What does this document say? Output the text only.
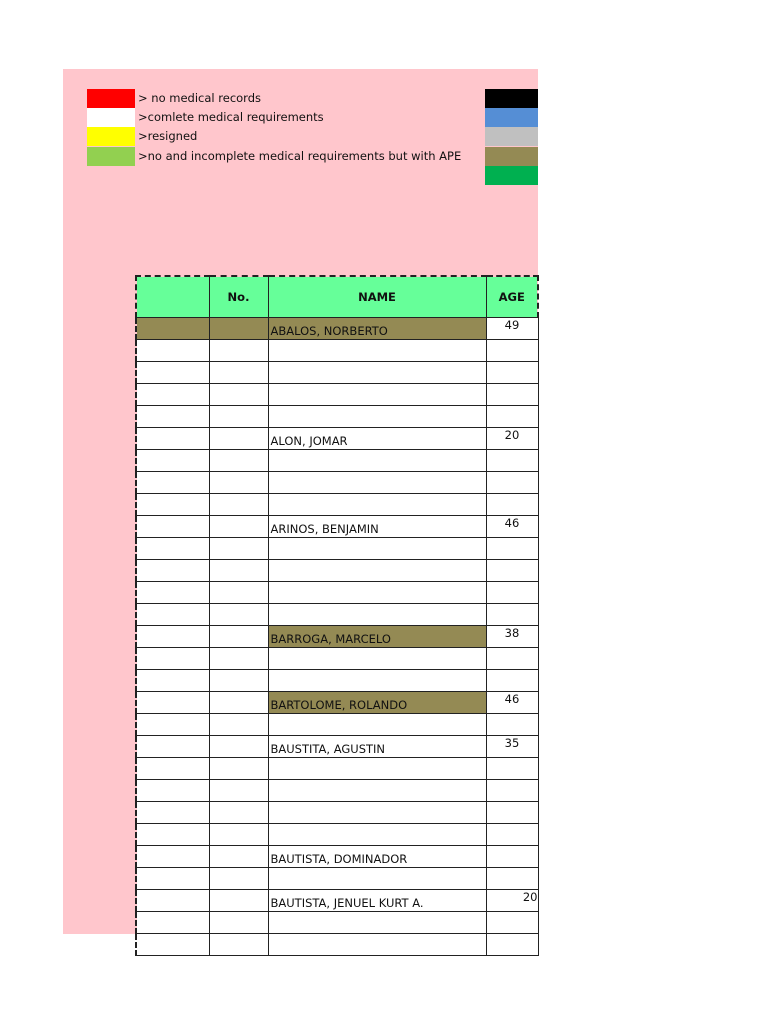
> no medical records
>comlete medical requirements
>resigned
>no and incomplete medical requirements but with APE
	No.	NAME	AGE
		ABALOS, NORBERTO	49

		ALON, JOMAR	20

		ARINOS, BENJAMIN	46

		BARROGA, MARCELO	38

		BARTOLOME, ROLANDO	46

		BAUSTITA, AGUSTIN	35

		BAUTISTA, DOMINADOR	

		BAUTISTA, JENUEL KURT A.	20
